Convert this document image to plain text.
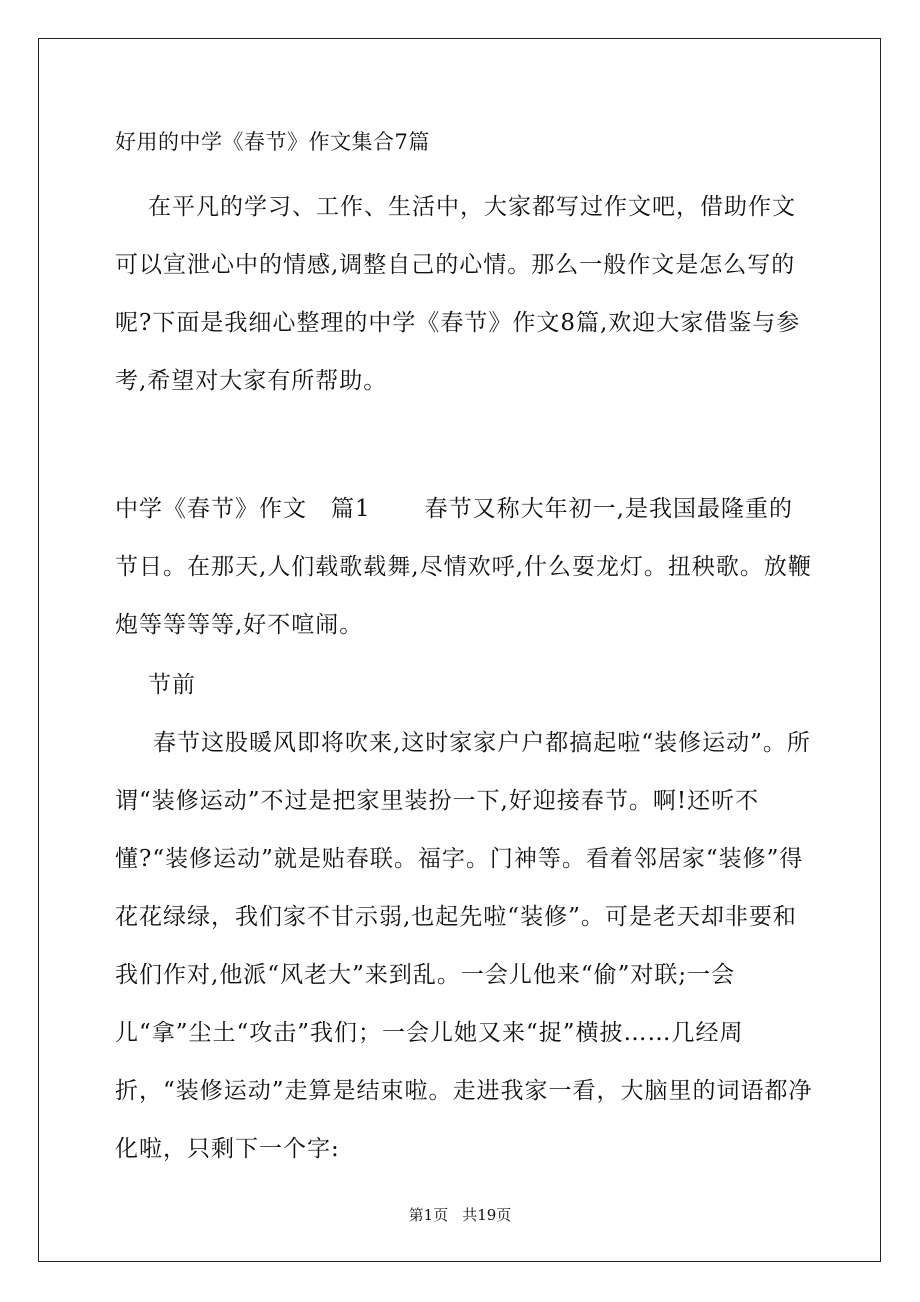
好用的中学《春节》作文集合7篇

在平凡的学习、工作、生活中，大家都写过作文吧，借助作文可以宣泄心中的情感,调整自己的心情。那么一般作文是怎么写的呢?下面是我细心整理的中学《春节》作文8篇,欢迎大家借鉴与参考,希望对大家有所帮助。

中学《春节》作文 篇1 春节又称大年初一,是我国最隆重的节日。在那天,人们载歌载舞,尽情欢呼,什么耍龙灯。扭秧歌。放鞭炮等等等等,好不喧闹。

节前

春节这股暖风即将吹来,这时家家户户都搞起啦“装修运动”。所谓“装修运动”不过是把家里装扮一下,好迎接春节。啊!还听不懂?“装修运动”就是贴春联。福字。门神等。看着邻居家“装修”得花花绿绿，我们家不甘示弱,也起先啦“装修”。可是老天却非要和我们作对,他派“风老大”来到乱。一会儿他来“偷”对联;一会儿“拿”尘土“攻击”我们；一会儿她又来“捉”横披……几经周折，“装修运动”走算是结束啦。走进我家一看，大脑里的词语都净化啦，只剩下一个字:

第1页 共19页
